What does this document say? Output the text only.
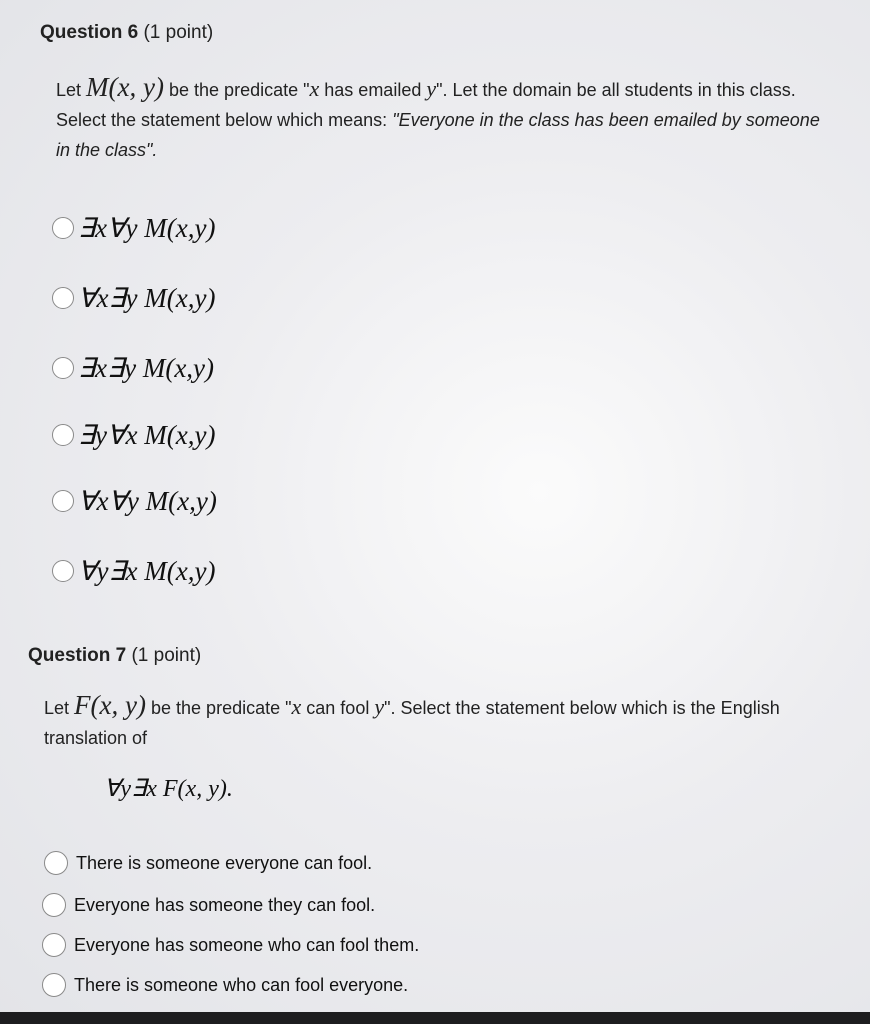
Question 6 (1 point)
Let M(x, y) be the predicate "x has emailed y". Let the domain be all students in this class. Select the statement below which means: "Everyone in the class has been emailed by someone in the class".
∃x∀y M(x,y)
∀x∃y M(x,y)
∃x∃y M(x,y)
∃y∀x M(x,y)
∀x∀y M(x,y)
∀y∃x M(x,y)
Question 7 (1 point)
Let F(x, y) be the predicate "x can fool y". Select the statement below which is the English translation of
∀y∃x F(x, y).
There is someone everyone can fool.
Everyone has someone they can fool.
Everyone has someone who can fool them.
There is someone who can fool everyone.
